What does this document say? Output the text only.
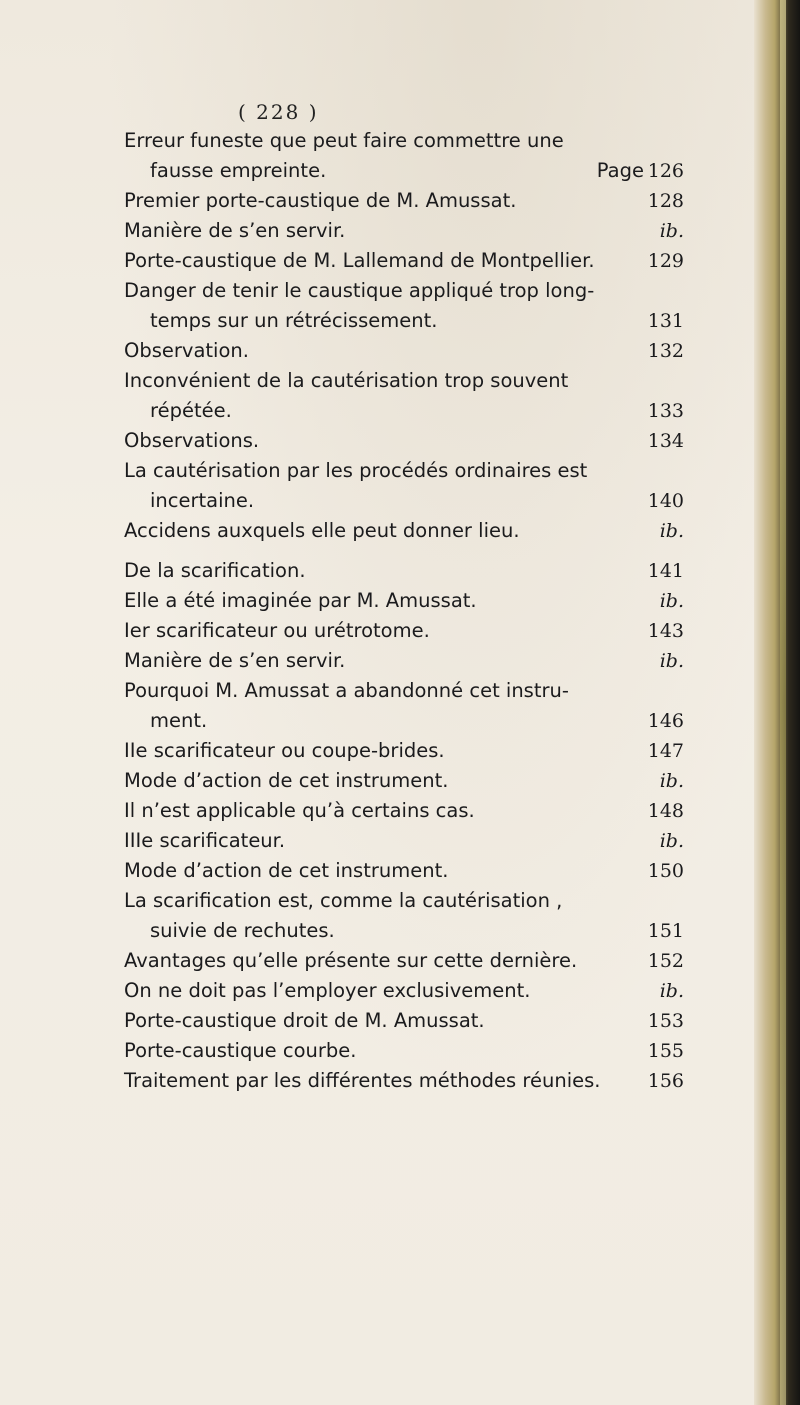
( 228 )
Erreur funeste que peut faire commettre une
fausse empreinte.	Page 126
Premier porte-caustique de M. Amussat.	128
Manière de s’en servir.	ib.
Porte-caustique de M. Lallemand de Montpellier.	129
Danger de tenir le caustique appliqué trop long-
temps sur un rétrécissement.	131
Observation.	132
Inconvénient de la cautérisation trop souvent
répétée.	133
Observations.	134
La cautérisation par les procédés ordinaires est
incertaine.	140
Accidens auxquels elle peut donner lieu.	ib.
De la scarification.	141
Elle a été imaginée par M. Amussat.	ib.
Ier scarificateur ou urétrotome.	143
Manière de s’en servir.	ib.
Pourquoi M. Amussat a abandonné cet instru-
ment.	146
IIe scarificateur ou coupe-brides.	147
Mode d’action de cet instrument.	ib.
Il n’est applicable qu’à certains cas.	148
IIIe scarificateur.	ib.
Mode d’action de cet instrument.	150
La scarification est, comme la cautérisation ,
suivie de rechutes.	151
Avantages qu’elle présente sur cette dernière.	152
On ne doit pas l’employer exclusivement.	ib.
Porte-caustique droit de M. Amussat.	153
Porte-caustique courbe.	155
Traitement par les différentes méthodes réunies. 156
